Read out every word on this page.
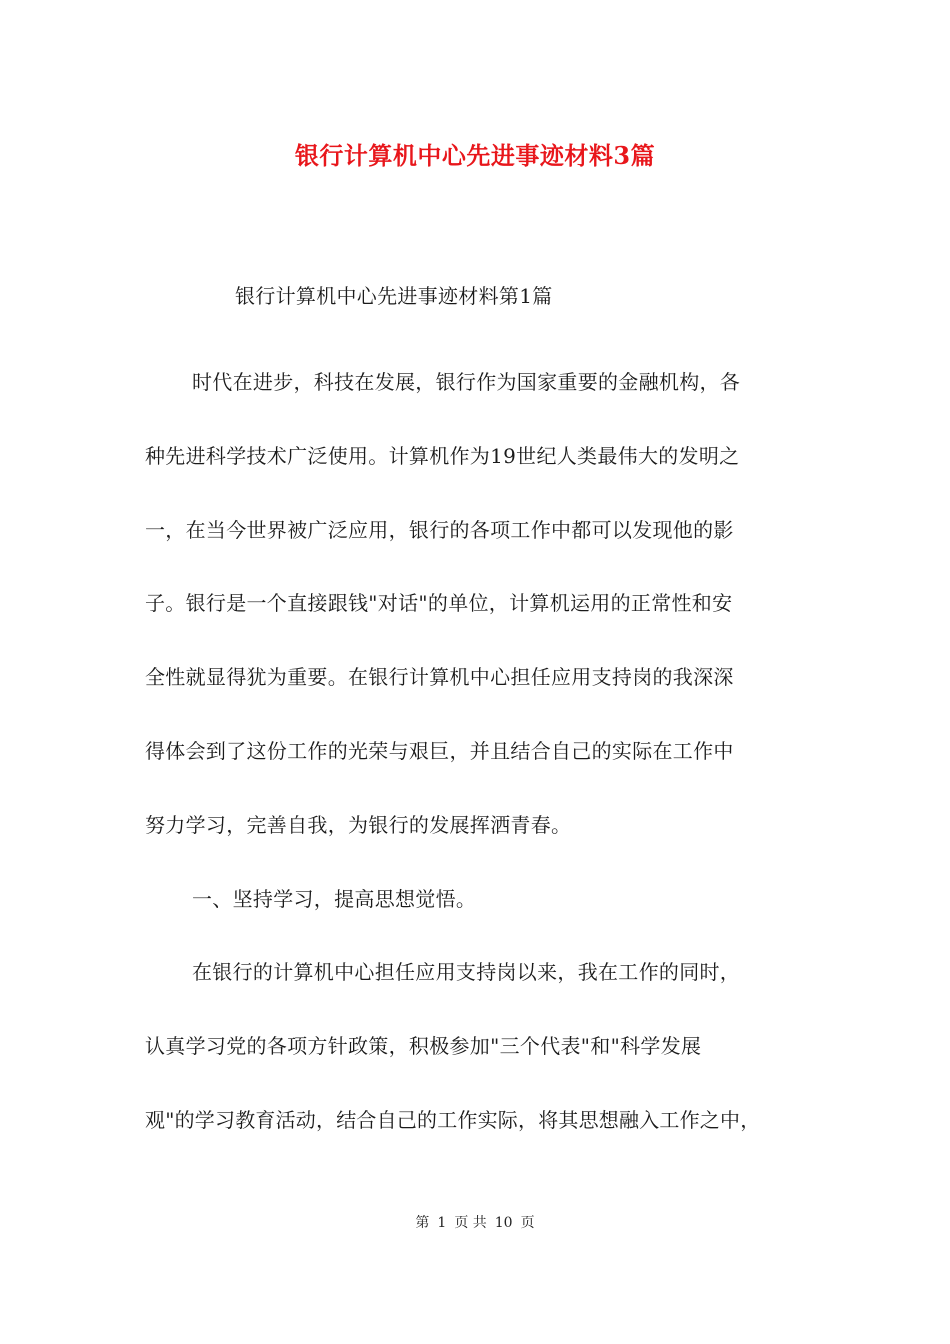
银行计算机中心先进事迹材料3篇

银行计算机中心先进事迹材料第1篇

时代在进步，科技在发展，银行作为国家重要的金融机构，各
种先进科学技术广泛使用。计算机作为19世纪人类最伟大的发明之
一，在当今世界被广泛应用，银行的各项工作中都可以发现他的影
子。银行是一个直接跟钱"对话"的单位，计算机运用的正常性和安
全性就显得犹为重要。在银行计算机中心担任应用支持岗的我深深
得体会到了这份工作的光荣与艰巨，并且结合自己的实际在工作中
努力学习，完善自我，为银行的发展挥洒青春。
一、坚持学习，提高思想觉悟。
在银行的计算机中心担任应用支持岗以来，我在工作的同时，
认真学习党的各项方针政策，积极参加"三个代表"和"科学发展
观"的学习教育活动，结合自己的工作实际，将其思想融入工作之中，

第 1 页 共 10 页
